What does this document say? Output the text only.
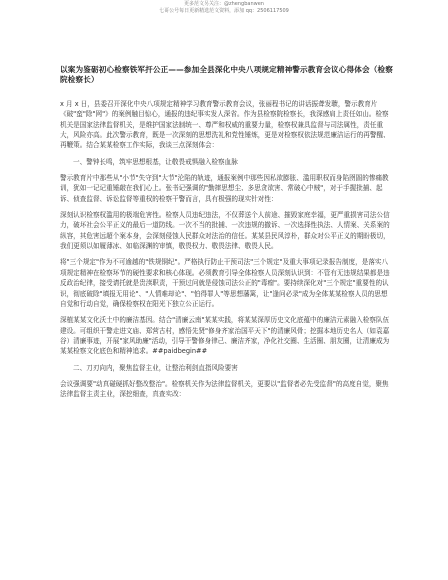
更多范文另关注：@zhengbanwen
七哥公号每日更新精选范文资料，添加 qq：2506117509
以案为鉴砺初心检察铁军扞公正——参加全县深化中央八项规定精神警示教育会议心得体会（检察院检察长）

x 月 x 日，县委召开深化中央八项规定精神学习教育警示教育会议，张丽程书记的讲话振聋发聩，警示教育片《破"蛮"除"网"》的案例触目惊心，通报的违纪事实发人深省。作为县检察院检察长，我深感肩上责任如山。检察机关是国家法律监督机关，是维护国家法制统一、尊严和权威的重要力量，检察权兼具监督与司法属性，责任重大，风险亦高。此次警示教育，既是一次深刻的思想洗礼和党性锤炼，更是对检察权依法规范廉洁运行的再警醒、再鞭策。结合某某检察工作实际，我谈三点深刻体会：

一、警钟长鸣，筑牢思想根基，让敬畏戒惧融入检察血脉

警示教育片中那些从"小节"失守到"大节"沦陷的轨迹，通报案例中那些因私欲膨胀、滥用职权而身陷囹圄的惨痛教训，犹如一记记重锤敲在我们心上。张书记强调的"勤摔思想尘、多思贪欲害、常破心中贼"，对于手握批捕、起诉、侦查监督、诉讼监督等重权的检察干警而言，具有极强的现实针对性：

深刻认识检察权滥用的极端危害性。检察人员违纪违法，不仅葬送个人前途、摧毁家庭幸福，更严重损害司法公信力，破坏社会公平正义的最后一道防线。一次不当的批捕、一次违规的撤诉、一次选择性执法、人情案、关系案的纵容，其危害远超个案本身，会深刻侵蚀人民群众对法治的信任。某某县民风淳朴，群众对公平正义的期盼极切，我们更须以如履薄冰、如临深渊的审慎，敬畏权力、敬畏法律、敬畏人民。

将"三个规定"作为不可逾越的"铁规铜纪"。严格执行防止干预司法"三个规定"及重大事项记录报告制度，是落实八项规定精神在检察环节的硬性要求和核心体现。必须教育引导全体检察人员深刻认识到：不管有无违规结果都是违反政治纪律，接受请托就是贵渎职责，干预过问就是侵蚀司法公正的"毒瘤"。要持续深化对"三个规定"重要性的认识，彻底破除"填报无用论"、"人情难却论"、"怕得罪人"等思想藩篱，让"逢问必录"成为全体某某检察人员的思想自觉和行动自觉，确保检察权在阳光下独立公正运行。

深植某某文化沃土中的廉洁基因。结合"清廉云南"某某实践，将某某深厚历史文化底蕴中的廉洁元素融入检察队伍建设。可组织干警走进文庙、郑营古村，感悟先贤"修身齐家治国平天下"的清廉风骨；挖掘本地历史名人（如袁嘉谷）清廉事迹，开展"家风助廉"活动，引导干警修身律己、廉洁齐家，净化社交圈、生活圈、朋友圈，让清廉成为某某检察文化底色和精神追求。##paidbegin##

二、刀刃向内，聚焦监督主业，让整治利剑直指风险要害

会议强调要"动真碰硬抓好整改整治"。检察机关作为法律监督机关，更要以"监督者必先受监督"的高度自觉，聚焦法律监督主责主业，深挖细查，真查实改：
